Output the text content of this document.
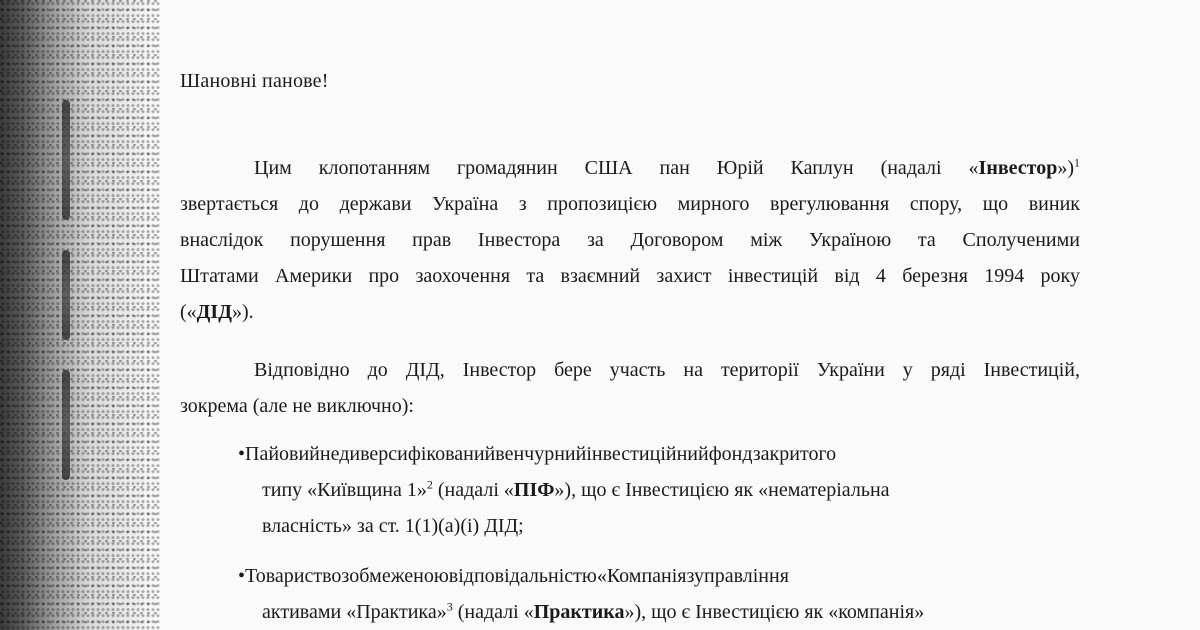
Шановні панове!
Цим клопотанням громадянин США пан Юрій Каплун (надалі «Інвестор»)$^1$
звертається до держави Україна з пропозицією мирного врегулювання спору, що виник
внаслідок порушення прав Інвестора за Договором між Україною та Сполученими
Штатами Америки про заохочення та взаємний захист інвестицій від 4 березня 1994 року
(«ДІД»).
Відповідно до ДІД, Інвестор бере участь на території України у ряді Інвестицій,
зокрема (але не виключно):
•Пайовийнедиверсифікованийвенчурнийінвестиційнийфондзакритого
типу «Київщина 1»$^2$ (надалі «ПІФ»), що є Інвестицією як «нематеріальна
власність» за ст. 1(1)(а)(і) ДІД;
•Товариствозобмеженоювідповідальністю«Компаніязуправління
активами «Практика»$^3$ (надалі «Практика»), що є Інвестицією як «компанія»
